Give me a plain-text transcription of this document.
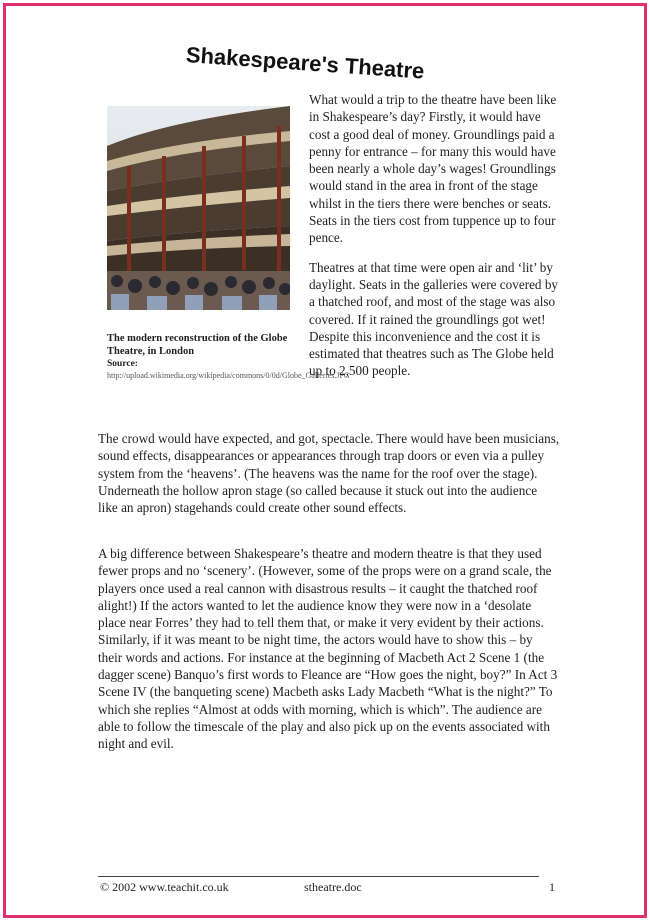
Shakespeare's Theatre
The modern reconstruction of the Globe Theatre, in London
Source:
http://upload.wikimedia.org/wikipedia/commons/0/0d/Globe_Galleries.JPG

What would a trip to the theatre have been like in Shakespeare’s day? Firstly, it would have cost a good deal of money. Groundlings paid a penny for entrance – for many this would have been nearly a whole day’s wages! Groundlings would stand in the area in front of the stage whilst in the tiers there were benches or seats. Seats in the tiers cost from tuppence up to four pence.

Theatres at that time were open air and ‘lit’ by daylight. Seats in the galleries were covered by a thatched roof, and most of the stage was also covered. If it rained the groundlings got wet! Despite this inconvenience and the cost it is estimated that theatres such as The Globe held up to 2,500 people.

The crowd would have expected, and got, spectacle. There would have been musicians, sound effects, disappearances or appearances through trap doors or even via a pulley system from the ‘heavens’. (The heavens was the name for the roof over the stage). Underneath the hollow apron stage (so called because it stuck out into the audience like an apron) stagehands could create other sound effects.

A big difference between Shakespeare’s theatre and modern theatre is that they used fewer props and no ‘scenery’. (However, some of the props were on a grand scale, the players once used a real cannon with disastrous results – it caught the thatched roof alight!) If the actors wanted to let the audience know they were now in a ‘desolate place near Forres’ they had to tell them that, or make it very evident by their actions. Similarly, if it was meant to be night time, the actors would have to show this – by their words and actions. For instance at the beginning of Macbeth Act 2 Scene 1 (the dagger scene) Banquo’s first words to Fleance are “How goes the night, boy?” In Act 3 Scene IV (the banqueting scene) Macbeth asks Lady Macbeth “What is the night?” To which she replies “Almost at odds with morning, which is which”. The audience are able to follow the timescale of the play and also pick up on the events associated with night and evil.

© 2002 www.teachit.co.uk	stheatre.doc	1
